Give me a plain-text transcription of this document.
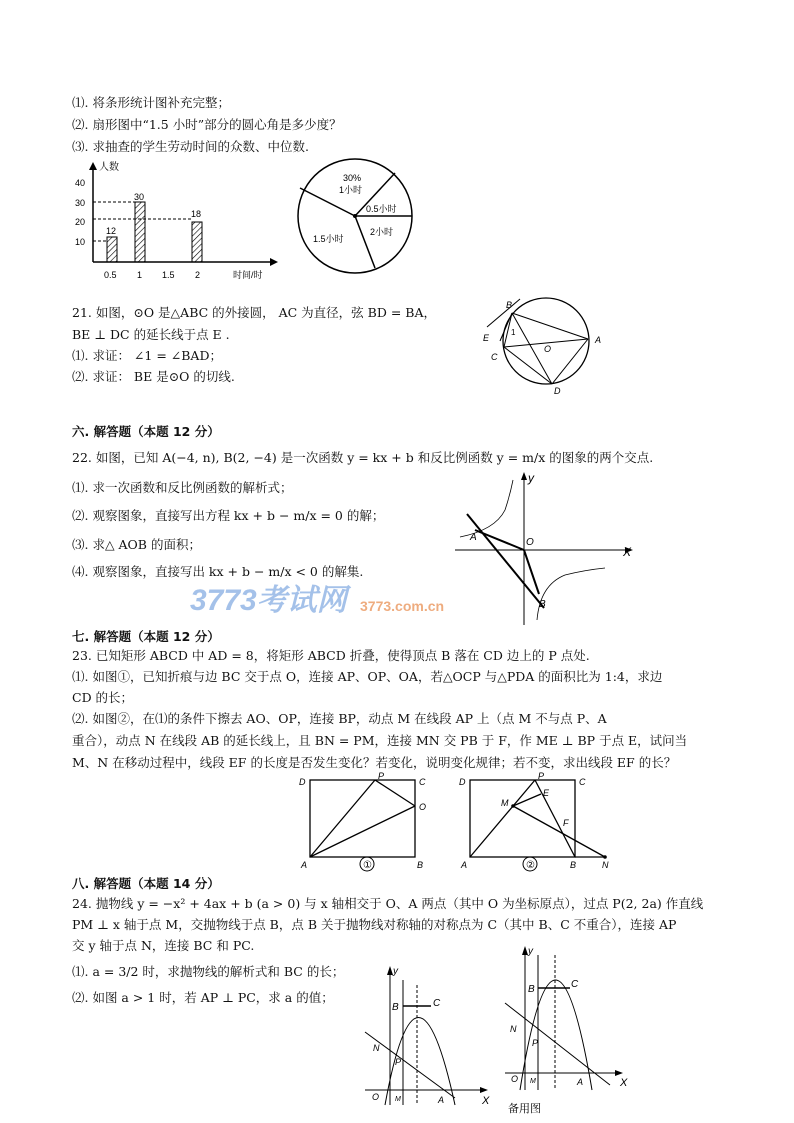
⑴. 将条形统计图补充完整；
⑵. 扇形图中“1.5 小时”部分的圆心角是多少度？
⑶. 求抽查的学生劳动时间的众数、中位数.
人数
10
20
30
40
12
30
18
0.5 1 1.5 2	时间/时
30%
1小时
0.5小时
2小时
1.5小时
21. 如图，⊙O 是△ABC 的外接圆， AC 为直径，弦 BD = BA，
BE ⊥ DC 的延长线于点 E .
⑴. 求证： ∠1 = ∠BAD；
⑵. 求证： BE 是⊙O 的切线.
B
E
C
O
A
D
1
六. 解答题（本题 12 分）
22. 如图，已知 A(−4, n), B(2, −4) 是一次函数 y = kx + b 和反比例函数 y = m/x 的图象的两个交点.
⑴. 求一次函数和反比例函数的解析式；
⑵. 观察图象，直接写出方程 kx + b − m/x = 0 的解；
⑶. 求△ AOB 的面积；
⑷. 观察图象，直接写出 kx + b − m/x < 0 的解集.
y
X
O
A
B
3773考试网 3773.com.cn
七. 解答题（本题 12 分）
23. 已知矩形 ABCD 中 AD = 8，将矩形 ABCD 折叠，使得顶点 B 落在 CD 边上的 P 点处.
⑴. 如图①，已知折痕与边 BC 交于点 O，连接 AP、OP、OA，若△OCP 与△PDA 的面积比为 1:4，求边
CD 的长；
⑵. 如图②，在⑴的条件下擦去 AO、OP，连接 BP，动点 M 在线段 AP 上（点 M 不与点 P、A
重合），动点 N 在线段 AB 的延长线上，且 BN = PM，连接 MN 交 PB 于 F，作 ME ⊥ BP 于点 E，试问当
M、N 在移动过程中，线段 EF 的长度是否发生变化？若变化，说明变化规律；若不变，求出线段 EF 的长？
D
P
C
O
A	B
①
D
P
C
M
E
F
A	B	N
②
八. 解答题（本题 14 分）
24. 抛物线 y = −x² + 4ax + b (a > 0) 与 x 轴相交于 O、A 两点（其中 O 为坐标原点），过点 P(2, 2a) 作直线
PM ⊥ x 轴于点 M，交抛物线于点 B，点 B 关于抛物线对称轴的对称点为 C（其中 B、C 不重合），连接 AP
交 y 轴于点 N，连接 BC 和 PC.
⑴. a = 3/2 时，求抛物线的解析式和 BC 的长；
⑵. 如图 a > 1 时，若 AP ⊥ PC，求 a 的值；
y
X
B	C
N
P
O M	A
y
X
B	C
N
P
O M	A
备用图
